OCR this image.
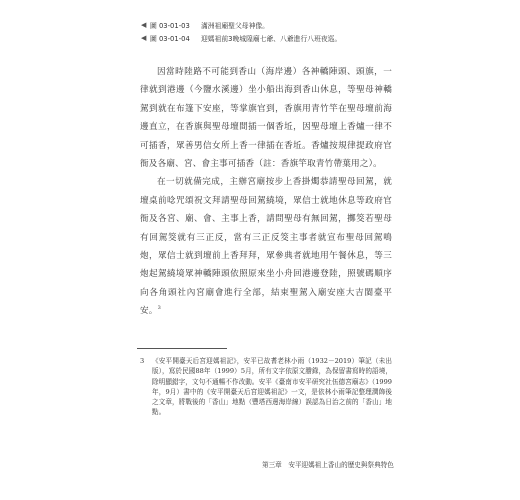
◀ 圖 03-01-03	滿洲祖廟聖父母神像。
◀ 圖 03-01-04	迎媽祖前3晚城隍廟七爺、八爺進行八班夜巡。

因當時陸路不可能到香山（海岸邊）各神轎陣頭、頭旗，一律就到港邊（今鹽水溪邊）坐小船出海到香山休息，等聖母神轎駕到就在布篷下安座，等掌旗官到，香旗用青竹竿在聖母壇前海邊直立，在香旗與聖母壇間插一個香坵，因聖母壇上香爐一律不可插香，眾善男信女所上香一律插在香坵。香爐按規律提政府官衙及各廟、宮、會主事可插香（註：香旗竿取青竹帶葉用之）。

在一切就備完成，主辦宮廟按步上香掛燭恭請聖母回駕，就壇桌前唸咒頌祝文拜請聖母回駕繞境，眾信士就地休息等政府官衙及各宮、廟、會、主事上香，請問聖母有無回駕，擲筊若聖母有回駕筊就有三正反，當有三正反筊主事者就宣布聖母回駕鳴炮，眾信士就到壇前上香拜拜，眾參典者就地用午餐休息，等三炮起駕繞境眾神轎陣頭依照原來坐小舟回港邊登陸，照號碼順序向各角頭社內宮廟會進行全部，結束聖駕入廟安座大吉閩臺平安。$^3$

3	《安平開臺天后宮迎媽祖記》，安平已故耆老林小雨（1932－2019）筆記（未出版），寫於民國88年（1999）5月，所有文字依原文謄錄，為保留書寫時的語境，除明顯錯字，文句不通暢不作改動。安平《臺南市安平研究社伍德宮廟志》（1999年，9月）書中的《安平開臺天后宮迎媽祖記》一文，是依林小雨筆記整理潤飾後之文章，將戰後的「香山」地點（豐塔西邊海岸線）誤認為日治之前的「香山」地點。
第三章　安平迎媽祖上香山的歷史與祭典特色
